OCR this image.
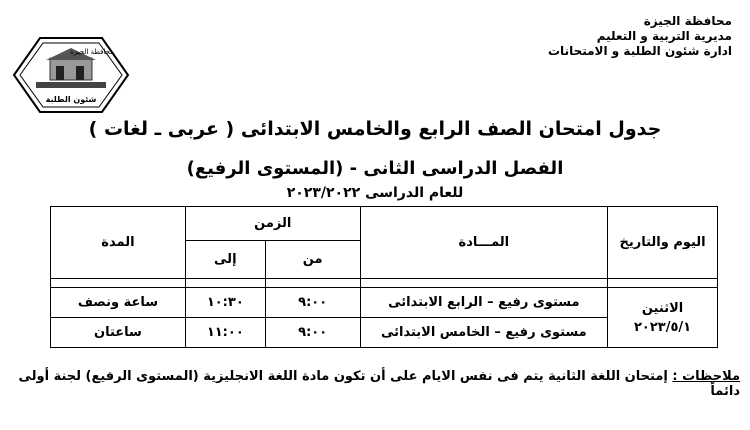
محافظة الجيزة
مديرية التربية و التعليم
ادارة شئون الطلبة و الامتحانات
محافظة الجيزة
شئون الطلبة
جدول امتحان الصف الرابع والخامس الابتدائى ( عربى ـ لغات )
الفصل الدراسى الثانى - (المستوى الرفيع)
للعام الدراسى ٢٠٢٣/٢٠٢٢
اليوم والتاريخ	المـــادة	الزمن		المدة
		من	إلى	

الاثنين
٢٠٢٣/٥/١	مستوى رفيع – الرابع الابتدائى	٩:٠٠	١٠:٣٠	ساعة ونصف
	مستوى رفيع – الخامس الابتدائى	٩:٠٠	١١:٠٠	ساعتان
ملاحظات : إمتحان اللغة الثانية يتم فى نفس الايام على أن تكون مادة اللغة الانجليزية (المستوى الرفيع) لجنة أولى دائماً
